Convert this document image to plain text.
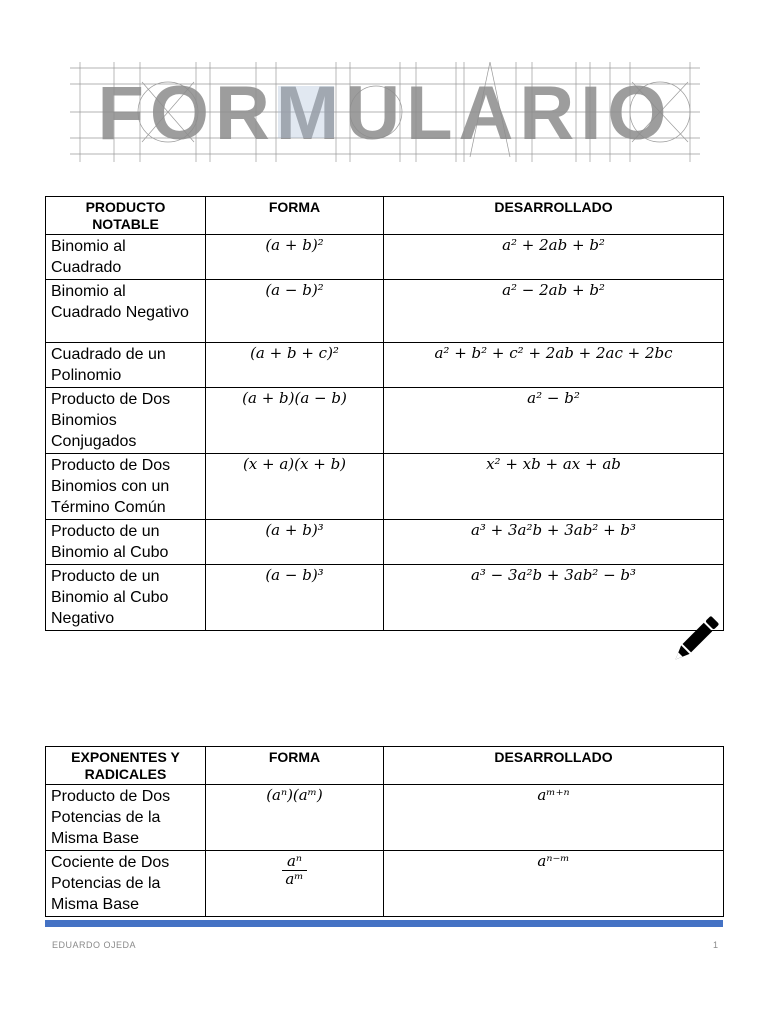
FORMULARIO
PRODUCTO NOTABLE	FORMA	DESARROLLADO
Binomio al Cuadrado	(a + b)²	a² + 2ab + b²
Binomio al Cuadrado Negativo	(a − b)²	a² − 2ab + b²
Cuadrado de un Polinomio	(a + b + c)²	a² + b² + c² + 2ab + 2ac + 2bc
Producto de Dos Binomios Conjugados	(a + b)(a − b)	a² − b²
Producto de Dos Binomios con un Término Común	(x + a)(x + b)	x² + xb + ax + ab
Producto de un Binomio al Cubo	(a + b)³	a³ + 3a²b + 3ab² + b³
Producto de un Binomio al Cubo Negativo	(a − b)³	a³ − 3a²b + 3ab² − b³
EXPONENTES Y RADICALES	FORMA	DESARROLLADO
Producto de Dos Potencias de la Misma Base	(aⁿ)(aᵐ)	aᵐ⁺ⁿ
Cociente de Dos Potencias de la Misma Base	$\frac{\text{aⁿ}}{\text{aᵐ}}$	aⁿ⁻ᵐ
EDUARDO OJEDA	1
